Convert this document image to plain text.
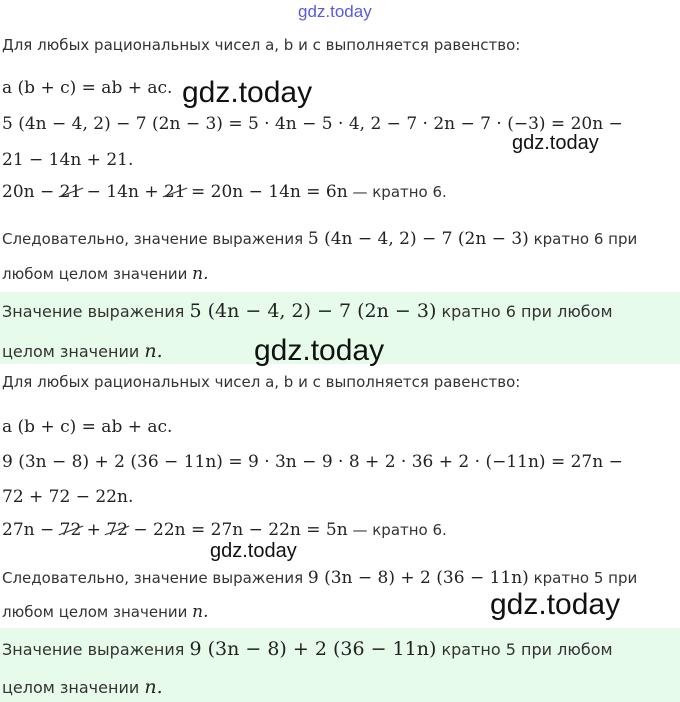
gdz.today
Для любых рациональных чисел a, b и c выполняется равенство:
a (b + c) = ab + ac. gdz.today
5 (4n − 4, 2) − 7 (2n − 3) = 5 · 4n − 5 · 4, 2 − 7 · 2n − 7 · (−3) = 20n −
21 − 14n + 21.
gdz.today
20n − 21 − 14n + 21 = 20n − 14n = 6n — кратно 6.
Следовательно, значение выражения 5 (4n − 4, 2) − 7 (2n − 3) кратно 6 при
любом целом значении n.
Значение выражения 5 (4n − 4, 2) − 7 (2n − 3) кратно 6 при любом
целом значении n.	gdz.today
Для любых рациональных чисел a, b и c выполняется равенство:
a (b + c) = ab + ac.
9 (3n − 8) + 2 (36 − 11n) = 9 · 3n − 9 · 8 + 2 · 36 + 2 · (−11n) = 27n −
72 + 72 − 22n.
27n − 72 + 72 − 22n = 27n − 22n = 5n — кратно 6.
gdz.today
Следовательно, значение выражения 9 (3n − 8) + 2 (36 − 11n) кратно 5 при
любом целом значении n.	gdz.today
Значение выражения 9 (3n − 8) + 2 (36 − 11n) кратно 5 при любом
целом значении n.
